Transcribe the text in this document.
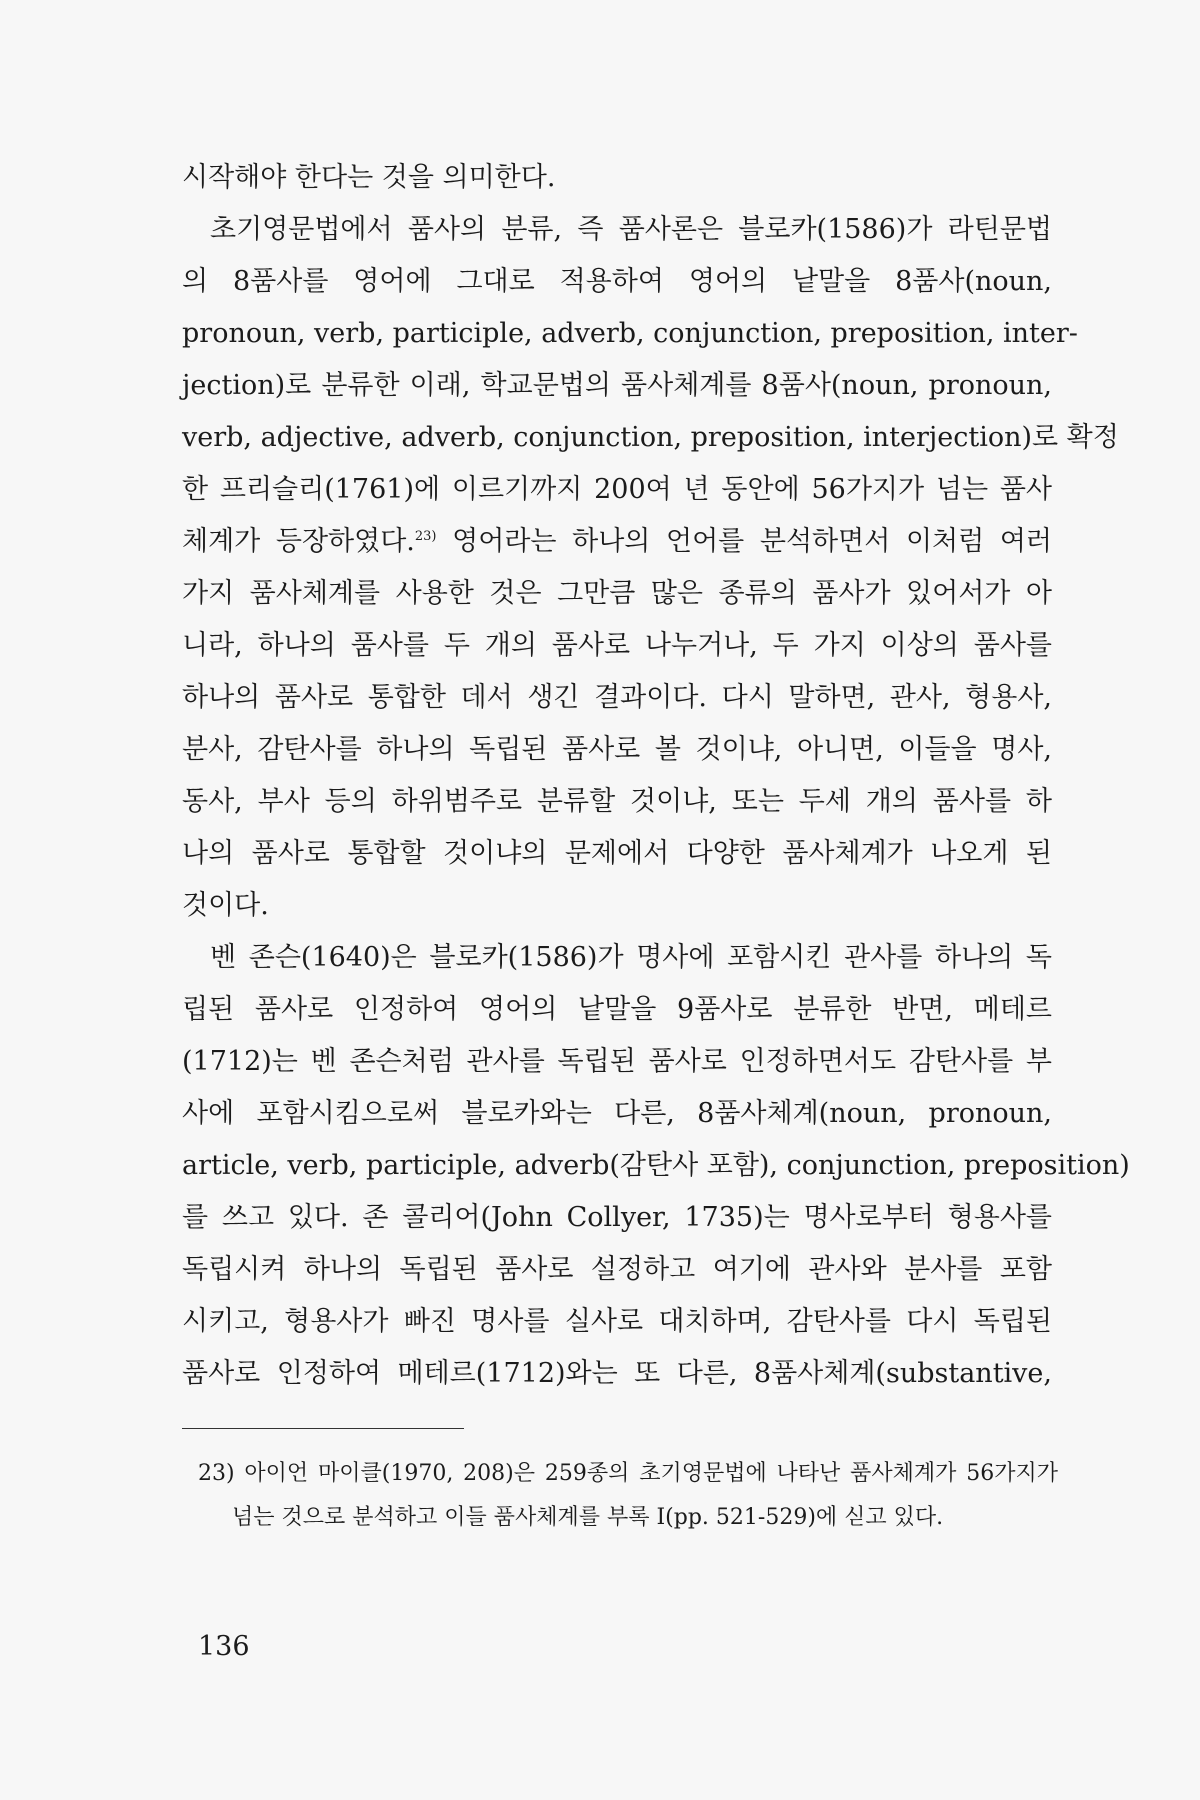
시작해야 한다는 것을 의미한다.
초기영문법에서 품사의 분류, 즉 품사론은 블로카(1586)가 라틴문법
의 8품사를 영어에 그대로 적용하여 영어의 낱말을 8품사(noun,
pronoun, verb, participle, adverb, conjunction, preposition, inter-
jection)로 분류한 이래, 학교문법의 품사체계를 8품사(noun, pronoun,
verb, adjective, adverb, conjunction, preposition, interjection)로 확정
한 프리슬리(1761)에 이르기까지 200여 년 동안에 56가지가 넘는 품사
체계가 등장하였다.$^{23)}$ 영어라는 하나의 언어를 분석하면서 이처럼 여러
가지 품사체계를 사용한 것은 그만큼 많은 종류의 품사가 있어서가 아
니라, 하나의 품사를 두 개의 품사로 나누거나, 두 가지 이상의 품사를
하나의 품사로 통합한 데서 생긴 결과이다. 다시 말하면, 관사, 형용사,
분사, 감탄사를 하나의 독립된 품사로 볼 것이냐, 아니면, 이들을 명사,
동사, 부사 등의 하위범주로 분류할 것이냐, 또는 두세 개의 품사를 하
나의 품사로 통합할 것이냐의 문제에서 다양한 품사체계가 나오게 된
것이다.
벤 존슨(1640)은 블로카(1586)가 명사에 포함시킨 관사를 하나의 독
립된 품사로 인정하여 영어의 낱말을 9품사로 분류한 반면, 메테르
(1712)는 벤 존슨처럼 관사를 독립된 품사로 인정하면서도 감탄사를 부
사에 포함시킴으로써 블로카와는 다른, 8품사체계(noun, pronoun,
article, verb, participle, adverb(감탄사 포함), conjunction, preposition)
를 쓰고 있다. 존 콜리어(John Collyer, 1735)는 명사로부터 형용사를
독립시켜 하나의 독립된 품사로 설정하고 여기에 관사와 분사를 포함
시키고, 형용사가 빠진 명사를 실사로 대치하며, 감탄사를 다시 독립된
품사로 인정하여 메테르(1712)와는 또 다른, 8품사체계(substantive,
23) 아이언 마이클(1970, 208)은 259종의 초기영문법에 나타난 품사체계가 56가지가
넘는 것으로 분석하고 이들 품사체계를 부록 I(pp. 521-529)에 싣고 있다.
136
